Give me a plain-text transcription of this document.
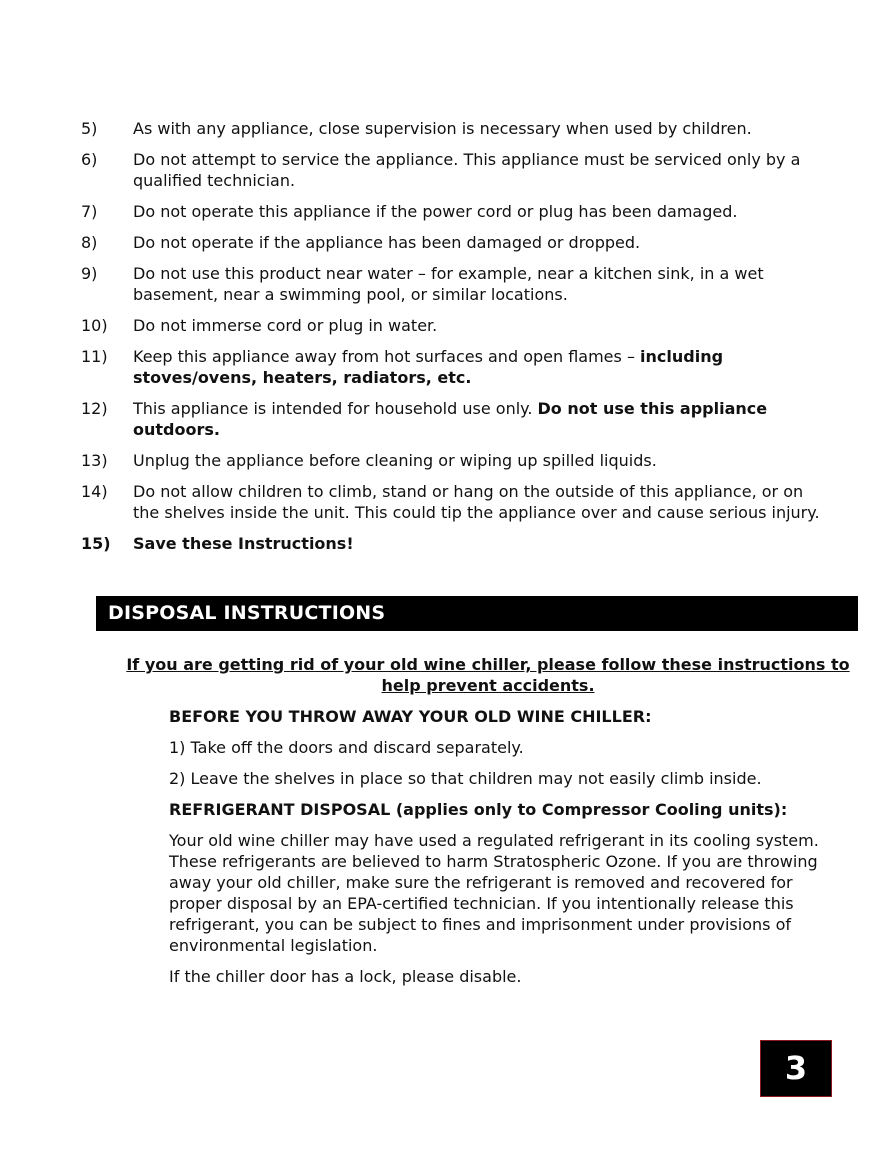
5)	As with any appliance, close supervision is necessary when used by children.
6)	Do not attempt to service the appliance. This appliance must be serviced only by a qualified technician.
7)	Do not operate this appliance if the power cord or plug has been damaged.
8)	Do not operate if the appliance has been damaged or dropped.
9)	Do not use this product near water – for example, near a kitchen sink, in a wet basement, near a swimming pool, or similar locations.
10)	Do not immerse cord or plug in water.
11)	Keep this appliance away from hot surfaces and open flames – including stoves/ovens, heaters, radiators, etc.
12)	This appliance is intended for household use only. Do not use this appliance outdoors.
13)	Unplug the appliance before cleaning or wiping up spilled liquids.
14)	Do not allow children to climb, stand or hang on the outside of this appliance, or on the shelves inside the unit. This could tip the appliance over and cause serious injury.
15)	Save these Instructions!
DISPOSAL INSTRUCTIONS
If you are getting rid of your old wine chiller, please follow these instructions to help prevent accidents.

BEFORE YOU THROW AWAY YOUR OLD WINE CHILLER:

1) Take off the doors and discard separately.

2) Leave the shelves in place so that children may not easily climb inside.

REFRIGERANT DISPOSAL (applies only to Compressor Cooling units):

Your old wine chiller may have used a regulated refrigerant in its cooling system. These refrigerants are believed to harm Stratospheric Ozone. If you are throwing away your old chiller, make sure the refrigerant is removed and recovered for proper disposal by an EPA-certified technician. If you intentionally release this refrigerant, you can be subject to fines and imprisonment under provisions of environmental legislation.

If the chiller door has a lock, please disable.

3
